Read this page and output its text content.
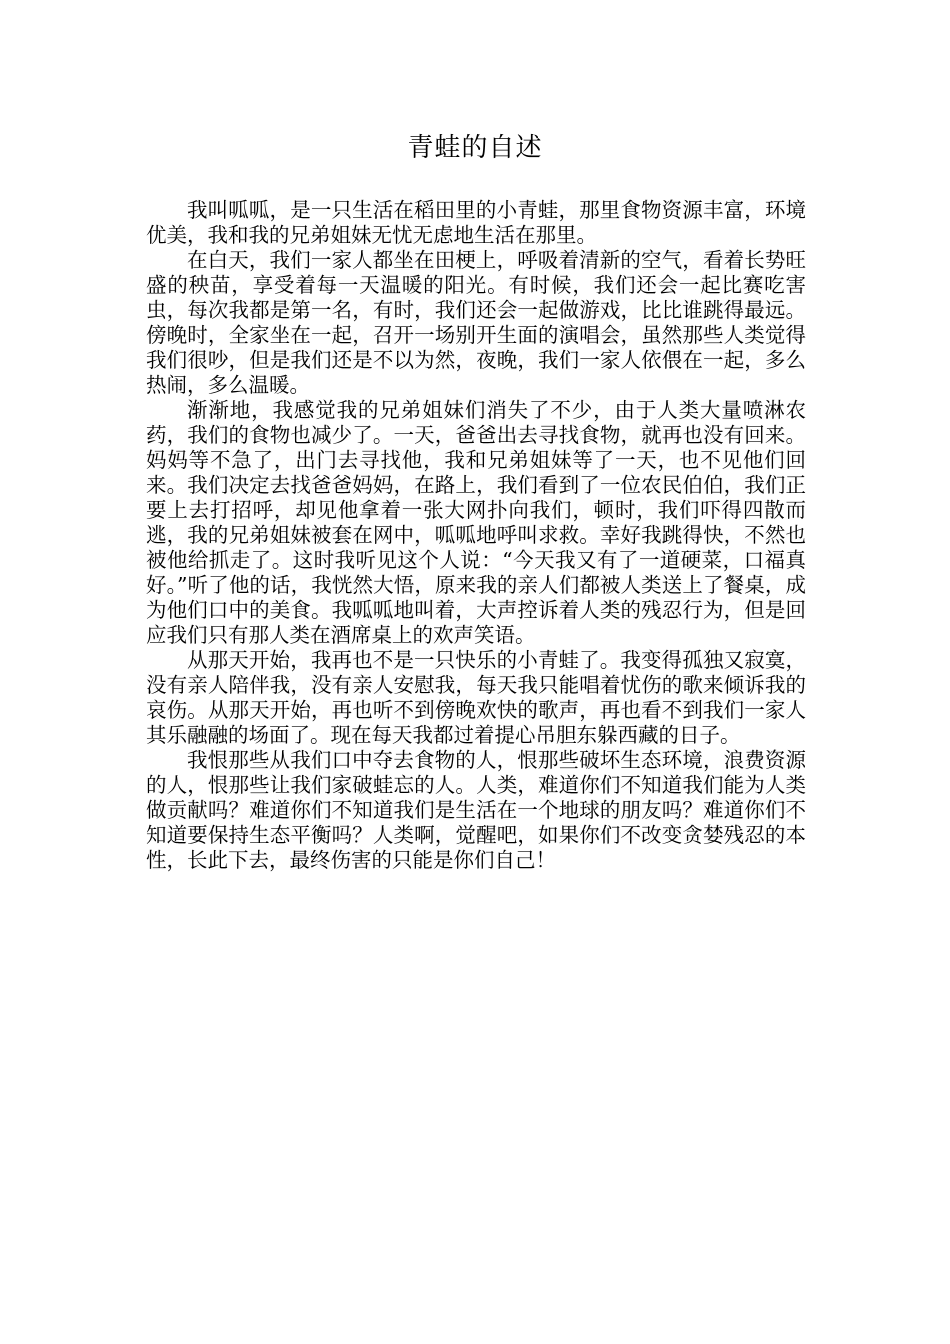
青蛙的自述

我叫呱呱，是一只生活在稻田里的小青蛙，那里食物资源丰富，环境优美，我和我的兄弟姐妹无忧无虑地生活在那里。

在白天，我们一家人都坐在田梗上，呼吸着清新的空气，看着长势旺盛的秧苗，享受着每一天温暖的阳光。有时候，我们还会一起比赛吃害虫，每次我都是第一名，有时，我们还会一起做游戏，比比谁跳得最远。傍晚时，全家坐在一起，召开一场别开生面的演唱会，虽然那些人类觉得我们很吵，但是我们还是不以为然，夜晚，我们一家人依偎在一起，多么热闹，多么温暖。

渐渐地，我感觉我的兄弟姐妹们消失了不少，由于人类大量喷淋农药，我们的食物也减少了。一天，爸爸出去寻找食物，就再也没有回来。妈妈等不急了，出门去寻找他，我和兄弟姐妹等了一天，也不见他们回来。我们决定去找爸爸妈妈，在路上，我们看到了一位农民伯伯，我们正要上去打招呼，却见他拿着一张大网扑向我们，顿时，我们吓得四散而逃，我的兄弟姐妹被套在网中，呱呱地呼叫求救。幸好我跳得快，不然也被他给抓走了。这时我听见这个人说：“今天我又有了一道硬菜，口福真好。”听了他的话，我恍然大悟，原来我的亲人们都被人类送上了餐桌，成为他们口中的美食。我呱呱地叫着，大声控诉着人类的残忍行为，但是回应我们只有那人类在酒席桌上的欢声笑语。

从那天开始，我再也不是一只快乐的小青蛙了。我变得孤独又寂寞，没有亲人陪伴我，没有亲人安慰我，每天我只能唱着忧伤的歌来倾诉我的哀伤。从那天开始，再也听不到傍晚欢快的歌声，再也看不到我们一家人其乐融融的场面了。现在每天我都过着提心吊胆东躲西藏的日子。

我恨那些从我们口中夺去食物的人，恨那些破坏生态环境，浪费资源的人，恨那些让我们家破蛙忘的人。人类，难道你们不知道我们能为人类做贡献吗？难道你们不知道我们是生活在一个地球的朋友吗？难道你们不知道要保持生态平衡吗？人类啊，觉醒吧，如果你们不改变贪婪残忍的本性，长此下去，最终伤害的只能是你们自己！
